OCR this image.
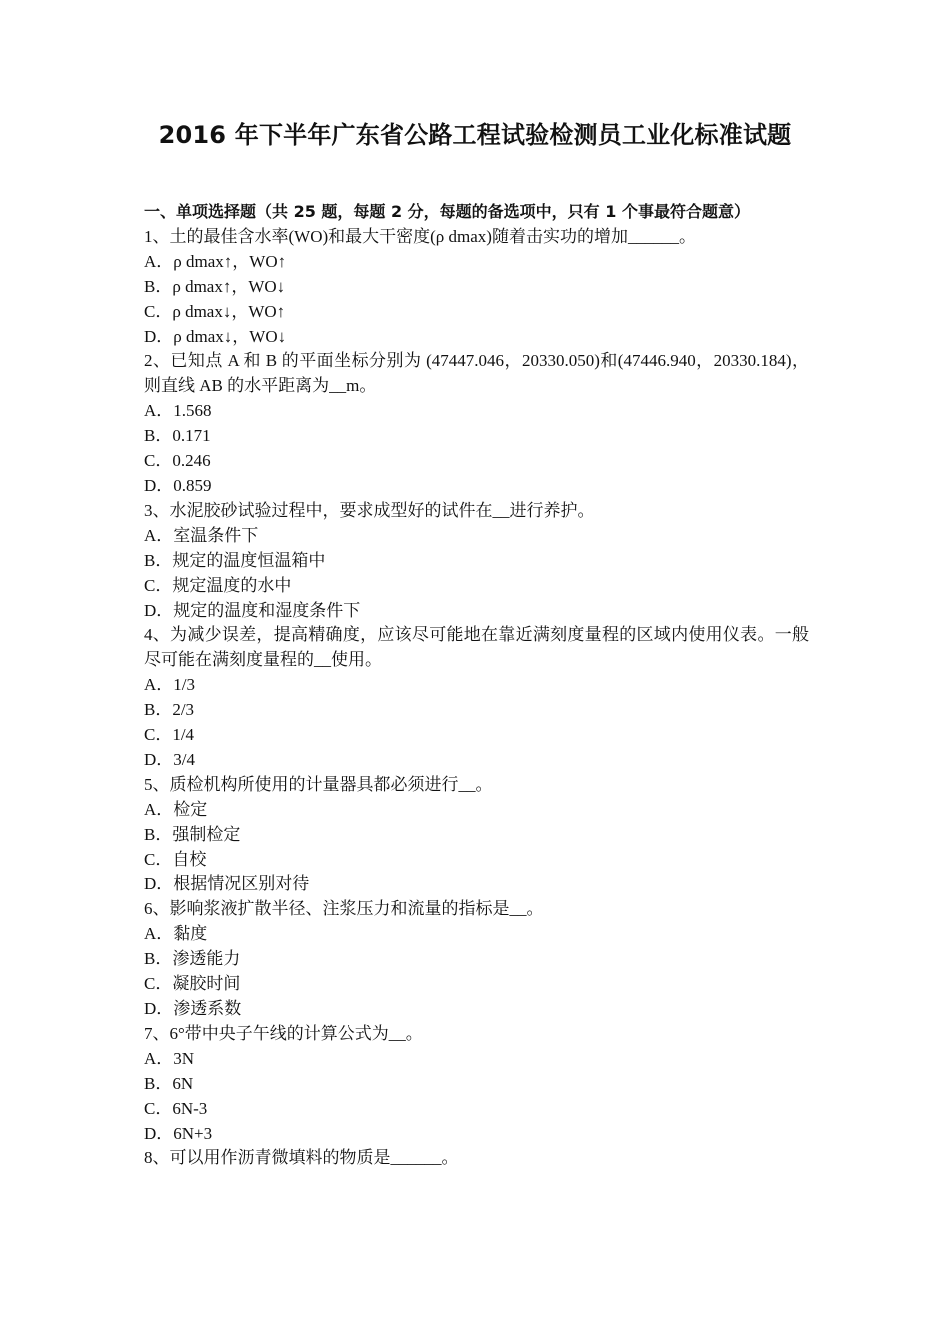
2016 年下半年广东省公路工程试验检测员工业化标准试题

一、单项选择题（共 25 题，每题 2 分，每题的备选项中，只有 1 个事最符合题意）

1、土的最佳含水率(WO)和最大干密度(ρ dmax)随着击实功的增加______。

A．ρ dmax↑，WO↑

B．ρ dmax↑，WO↓

C．ρ dmax↓，WO↑

D．ρ dmax↓，WO↓

2、已知点 A 和 B 的平面坐标分别为 (47447.046，20330.050)和(47446.940，20330.184)，则直线 AB 的水平距离为__m。

A．1.568

B．0.171

C．0.246

D．0.859

3、水泥胶砂试验过程中，要求成型好的试件在__进行养护。

A．室温条件下

B．规定的温度恒温箱中

C．规定温度的水中

D．规定的温度和湿度条件下

4、为减少误差，提高精确度，应该尽可能地在靠近满刻度量程的区域内使用仪表。一般尽可能在满刻度量程的__使用。

A．1/3

B．2/3

C．1/4

D．3/4

5、质检机构所使用的计量器具都必须进行__。

A．检定

B．强制检定

C．自校

D．根据情况区别对待

6、影响浆液扩散半径、注浆压力和流量的指标是__。

A．黏度

B．渗透能力

C．凝胶时间

D．渗透系数

7、6°带中央子午线的计算公式为__。

A．3N

B．6N

C．6N-3

D．6N+3

8、可以用作沥青微填料的物质是______。
